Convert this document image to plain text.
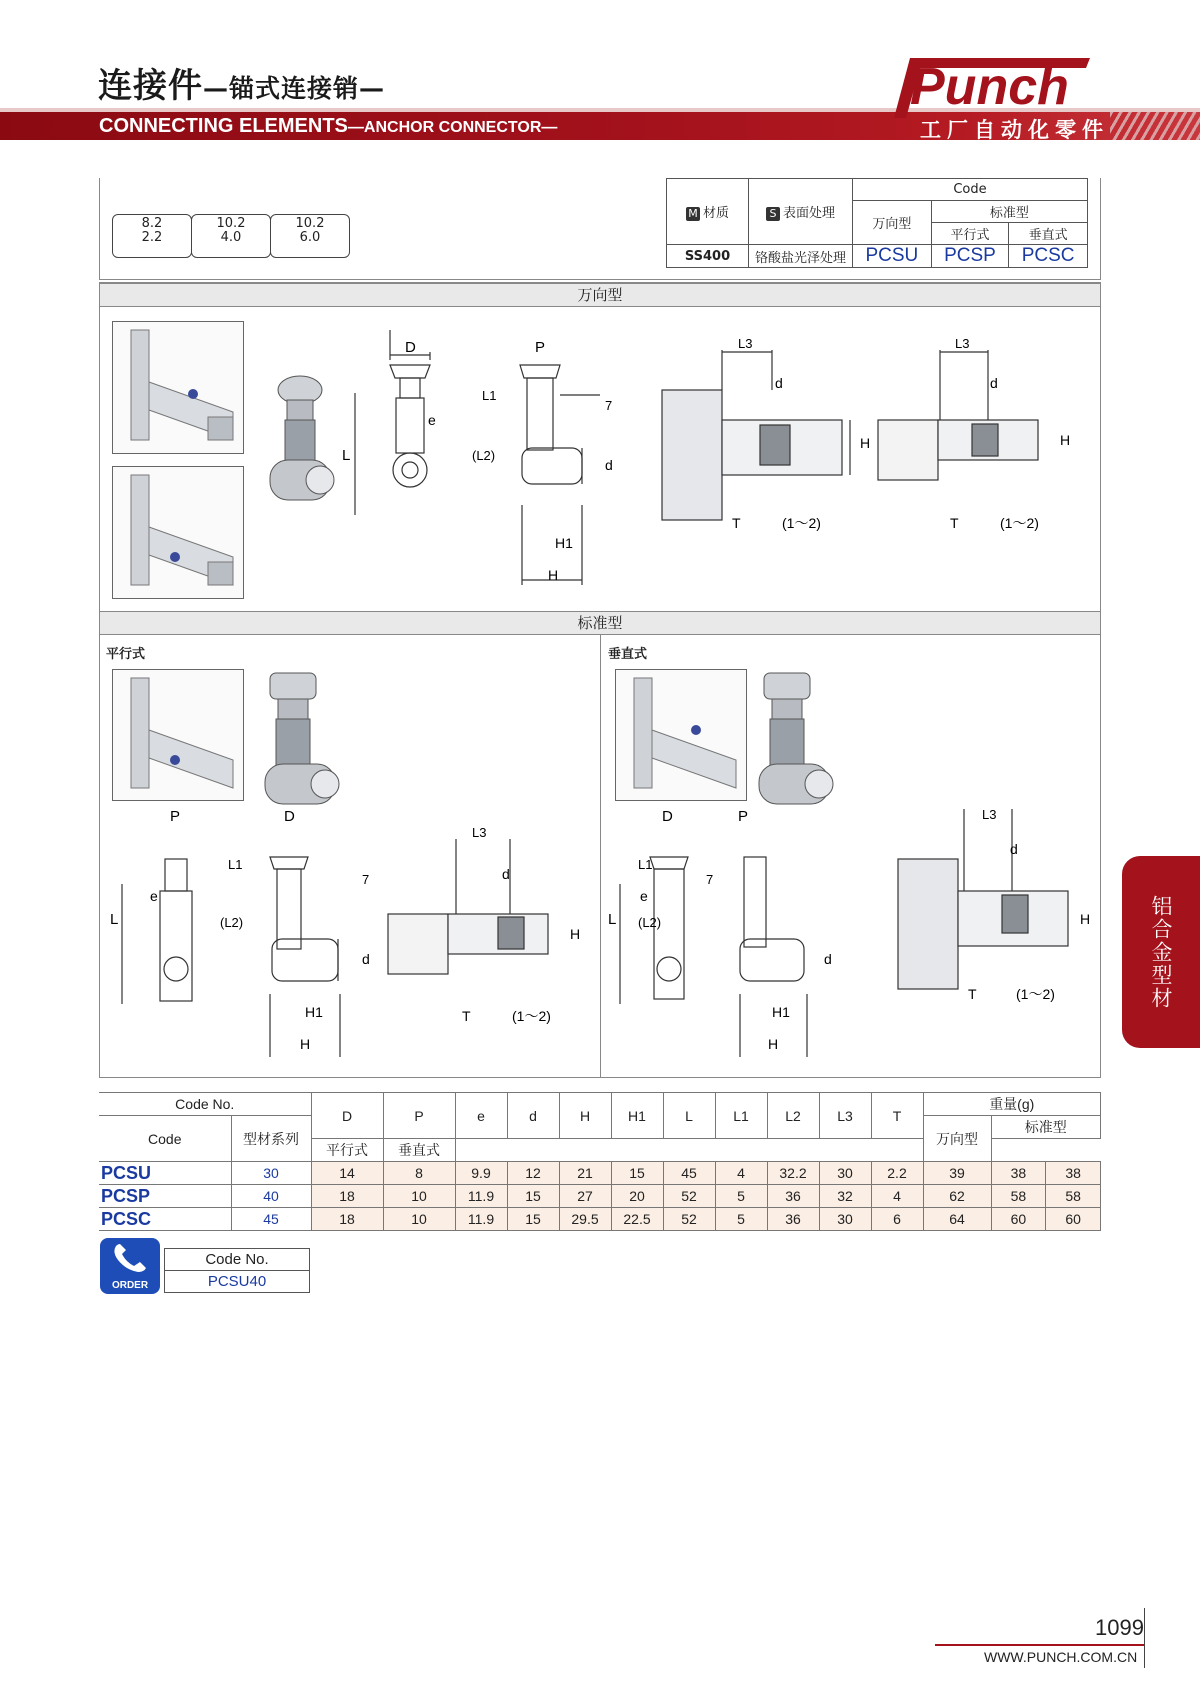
连接件—锚式连接销—
CONNECTING ELEMENTS—ANCHOR CONNECTOR—
Punch
工厂自动化零件
8.2
2.2
10.2
4.0
10.2
6.0
M 材质	S 表面处理	Code		
		万向型	标准型	
			平行式	垂直式
SS400	铬酸盐光泽处理	PCSU	PCSP	PCSC
万向型
D
e
L
P
L1
(L2)
7
d
H1
H
L3
d
H
T	(1～2)
L3
d
H
T	(1～2)
标准型
平行式	垂直式
P
e
L
D
L1
(L2)
7
d
H1
H
L3
d
H
T	(1～2)
D
L1
e
(L2)
L
P
7
d
H1
H
L3
d
H
T	(1～2)
Code No.		D	P	e	d	H	H1	L	L1	L2	L3	T	重量(g)		
Code	型材系列												万向型	标准型	
		平行式	垂直式												
PCSU	30	14	8	9.9	12	21	15	45	4	32.2	30	2.2	39	38	38
PCSP	40	18	10	11.9	15	27	20	52	5	36	32	4	62	58	58
PCSC	45	18	10	11.9	15	29.5	22.5	52	5	36	30	6	64	60	60
ORDER
Code No.
PCSU40
铝合金型材
1099
WWW.PUNCH.COM.CN
